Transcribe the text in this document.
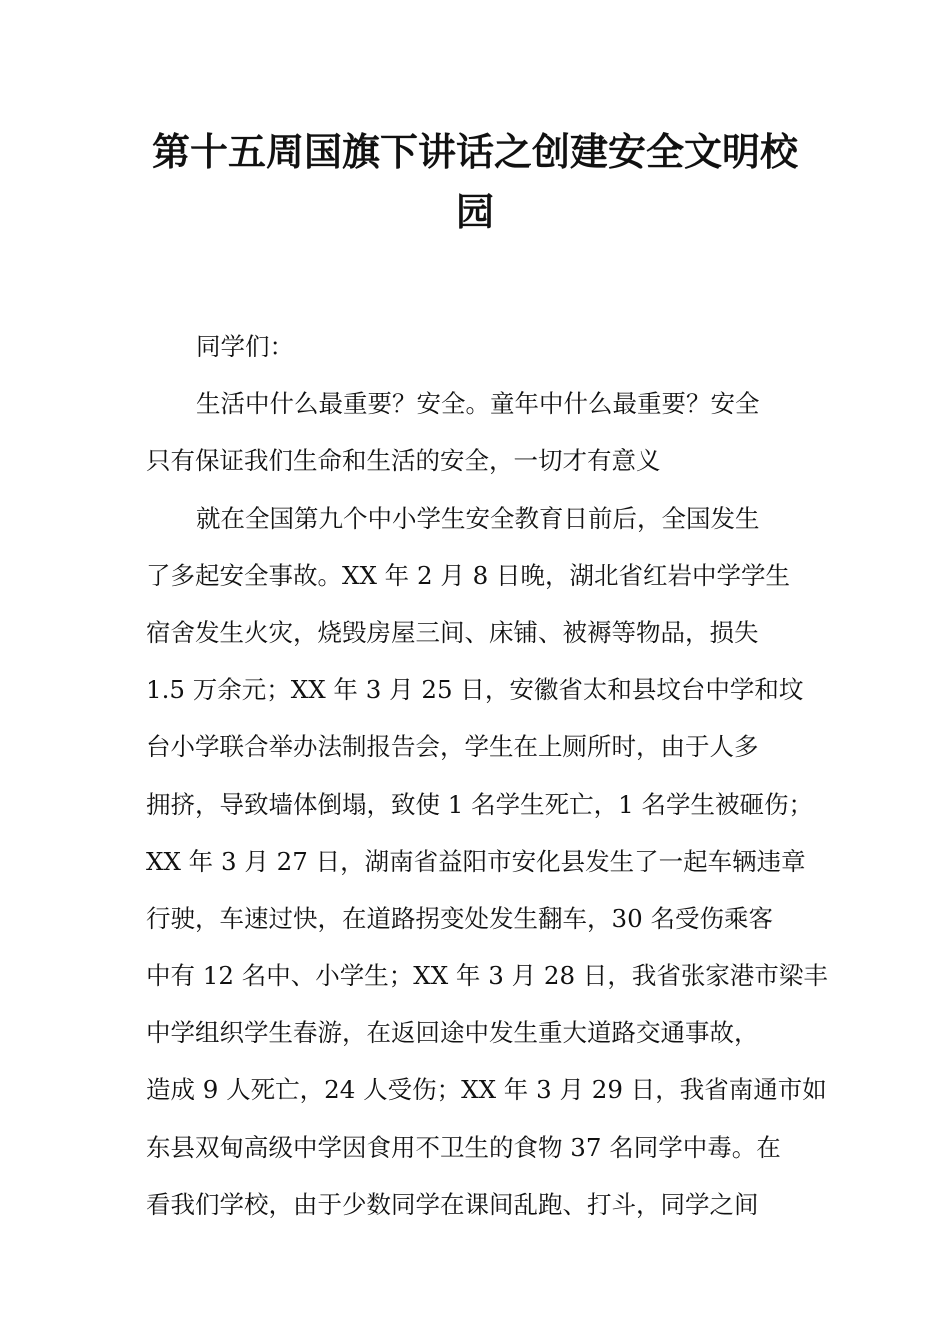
第十五周国旗下讲话之创建安全文明校
园
同学们：
生活中什么最重要？安全。童年中什么最重要？安全
只有保证我们生命和生活的安全，一切才有意义
就在全国第九个中小学生安全教育日前后，全国发生
了多起安全事故。XX 年 2 月 8 日晚，湖北省红岩中学学生
宿舍发生火灾，烧毁房屋三间、床铺、被褥等物品，损失
1.5 万余元；XX 年 3 月 25 日，安徽省太和县坟台中学和坟
台小学联合举办法制报告会，学生在上厕所时，由于人多
拥挤，导致墙体倒塌，致使 1 名学生死亡，1 名学生被砸伤；
XX 年 3 月 27 日，湖南省益阳市安化县发生了一起车辆违章
行驶，车速过快，在道路拐变处发生翻车，30 名受伤乘客
中有 12 名中、小学生；XX 年 3 月 28 日，我省张家港市梁丰
中学组织学生春游，在返回途中发生重大道路交通事故，
造成 9 人死亡，24 人受伤；XX 年 3 月 29 日，我省南通市如
东县双甸高级中学因食用不卫生的食物 37 名同学中毒。在
看我们学校，由于少数同学在课间乱跑、打斗，同学之间
